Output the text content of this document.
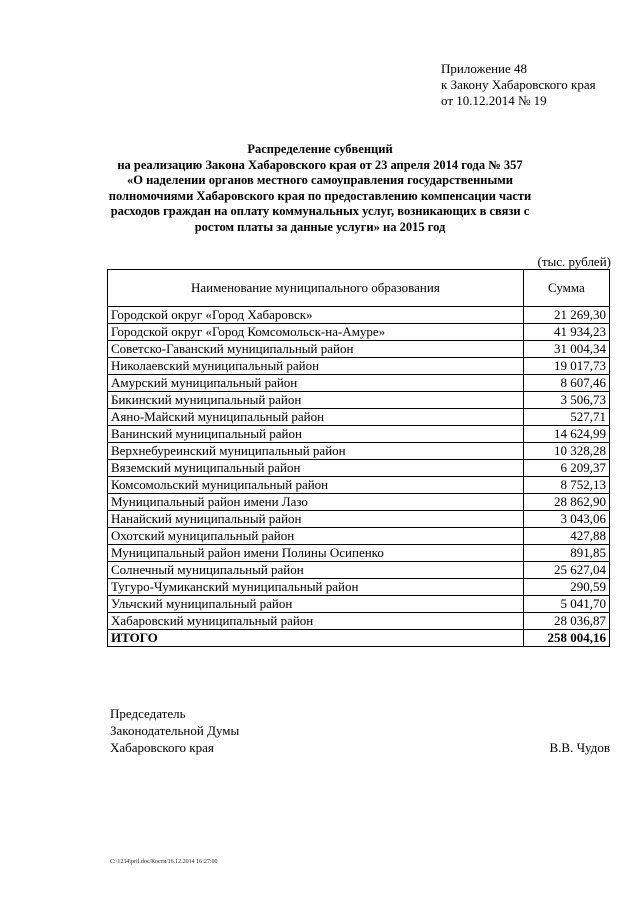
Приложение 48
к Закону Хабаровского края
от 10.12.2014 № 19
Распределение субвенций
на реализацию Закона Хабаровского края от 23 апреля 2014 года № 357
«О наделении органов местного самоуправления государственными
полномочиями Хабаровского края по предоставлению компенсации части
расходов граждан на оплату коммунальных услуг, возникающих в связи с
ростом платы за данные услуги» на 2015 год
(тыс. рублей)
Наименование муниципального образования	Сумма
Городской округ «Город Хабаровск»	21 269,30
Городской округ «Город Комсомольск-на-Амуре»	41 934,23
Советско-Гаванский муниципальный район	31 004,34
Николаевский муниципальный район	19 017,73
Амурский муниципальный район	8 607,46
Бикинский муниципальный район	3 506,73
Аяно-Майский муниципальный район	527,71
Ванинский муниципальный район	14 624,99
Верхнебуреинский муниципальный район	10 328,28
Вяземский муниципальный район	6 209,37
Комсомольский муниципальный район	8 752,13
Муниципальный район имени Лазо	28 862,90
Нанайский муниципальный район	3 043,06
Охотский муниципальный район	427,88
Муниципальный район имени Полины Осипенко	891,85
Солнечный муниципальный район	25 627,04
Тугуро-Чумиканский муниципальный район	290,59
Ульчский муниципальный район	5 041,70
Хабаровский муниципальный район	28 036,87
ИТОГО	258 004,16
Председатель
Законодательной Думы
Хабаровского края	В.В. Чудов
C:\1234\pril.doc/Костя/16.12.2014 16:27:00
